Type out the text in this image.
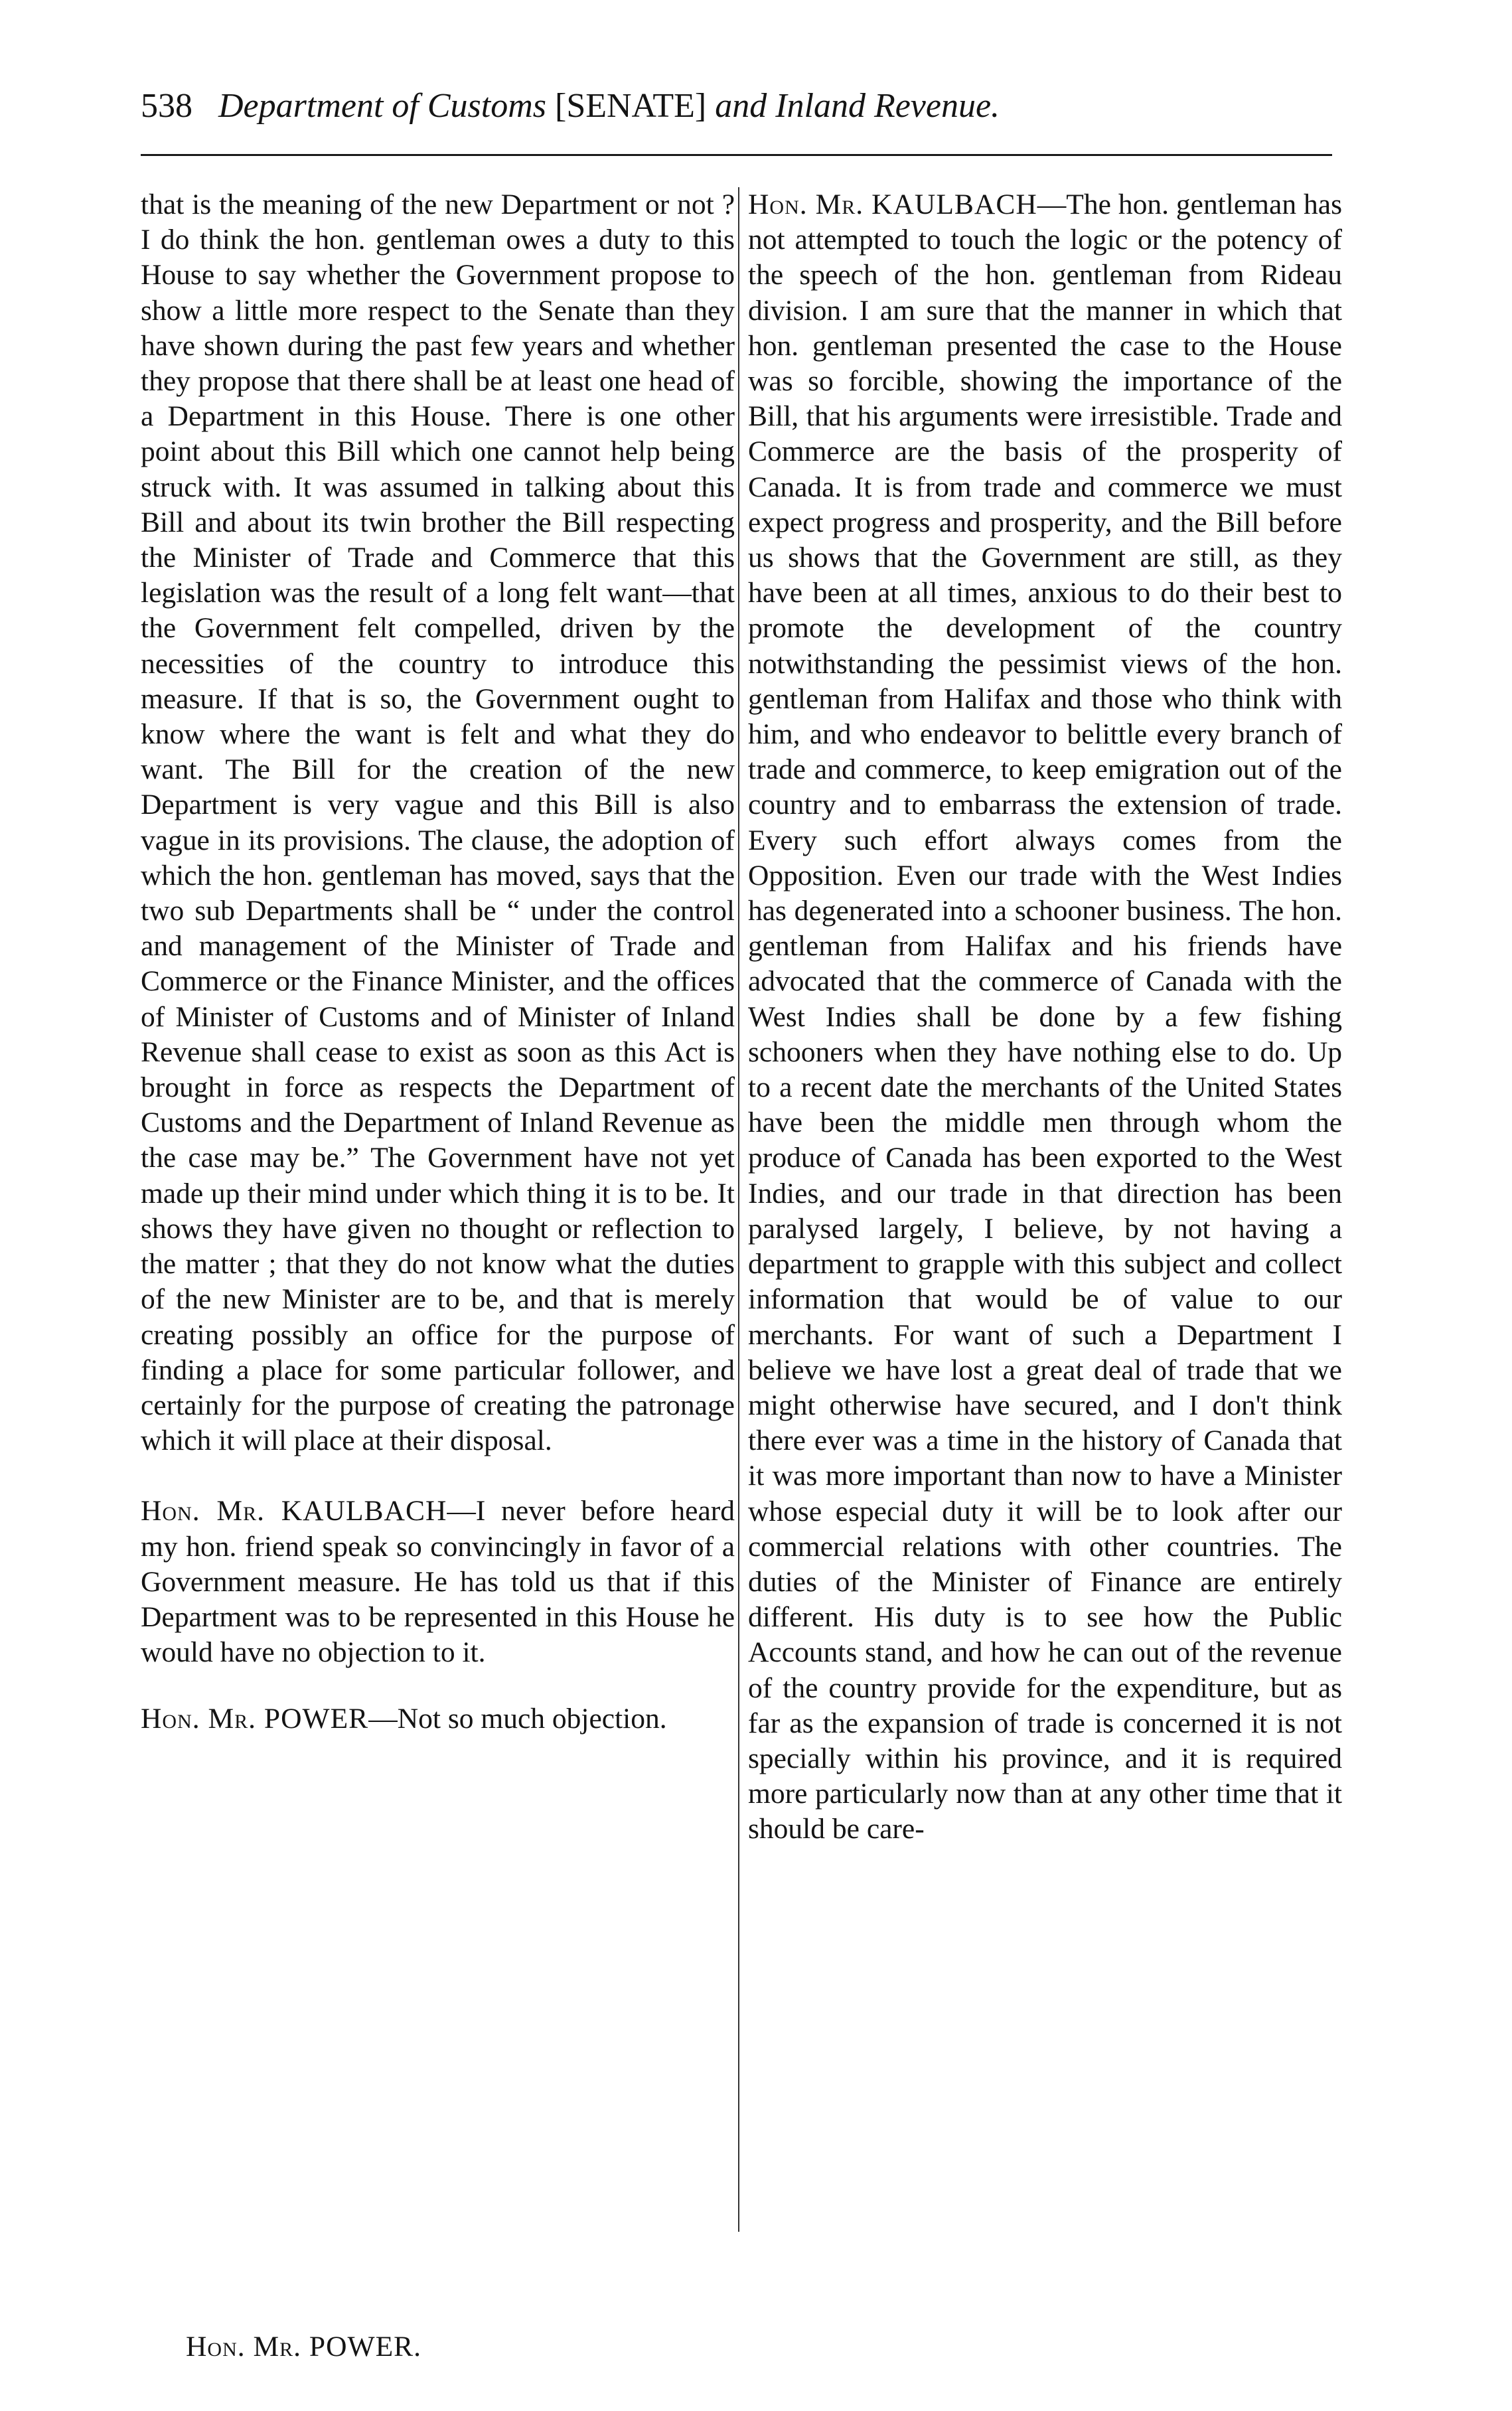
538 Department of Customs [SENATE] and Inland Revenue.

that is the meaning of the new Department or not ? I do think the hon. gentleman owes a duty to this House to say whether the Government propose to show a little more respect to the Senate than they have shown during the past few years and whether they propose that there shall be at least one head of a Department in this House. There is one other point about this Bill which one cannot help being struck with. It was assumed in talking about this Bill and about its twin brother the Bill respecting the Minister of Trade and Commerce that this legislation was the result of a long felt want—that the Government felt compelled, driven by the necessities of the country to introduce this measure. If that is so, the Government ought to know where the want is felt and what they do want. The Bill for the creation of the new Department is very vague and this Bill is also vague in its provisions. The clause, the adoption of which the hon. gentleman has moved, says that the two sub Departments shall be “ under the control and management of the Minister of Trade and Commerce or the Finance Minister, and the offices of Minister of Customs and of Minister of Inland Revenue shall cease to exist as soon as this Act is brought in force as respects the Department of Customs and the Department of Inland Revenue as the case may be.” The Government have not yet made up their mind under which thing it is to be. It shows they have given no thought or reflection to the matter ; that they do not know what the duties of the new Minister are to be, and that is merely creating possibly an office for the purpose of finding a place for some particular follower, and certainly for the purpose of creating the patronage which it will place at their disposal.

Hon. Mr. KAULBACH—I never before heard my hon. friend speak so convincingly in favor of a Government measure. He has told us that if this Department was to be represented in this House he would have no objection to it.

Hon. Mr. POWER—Not so much objection.

Hon. Mr. KAULBACH—The hon. gentleman has not attempted to touch the logic or the potency of the speech of the hon. gentleman from Rideau division. I am sure that the manner in which that hon. gentleman presented the case to the House was so forcible, showing the importance of the Bill, that his arguments were irresistible. Trade and Commerce are the basis of the prosperity of Canada. It is from trade and commerce we must expect progress and prosperity, and the Bill before us shows that the Government are still, as they have been at all times, anxious to do their best to promote the development of the country notwithstanding the pessimist views of the hon. gentleman from Halifax and those who think with him, and who endeavor to belittle every branch of trade and commerce, to keep emigration out of the country and to embarrass the extension of trade. Every such effort always comes from the Opposition. Even our trade with the West Indies has degenerated into a schooner business. The hon. gentleman from Halifax and his friends have advocated that the commerce of Canada with the West Indies shall be done by a few fishing schooners when they have nothing else to do. Up to a recent date the merchants of the United States have been the middle men through whom the produce of Canada has been exported to the West Indies, and our trade in that direction has been paralysed largely, I believe, by not having a department to grapple with this subject and collect information that would be of value to our merchants. For want of such a Department I believe we have lost a great deal of trade that we might otherwise have secured, and I don't think there ever was a time in the history of Canada that it was more important than now to have a Minister whose especial duty it will be to look after our commercial relations with other countries. The duties of the Minister of Finance are entirely different. His duty is to see how the Public Accounts stand, and how he can out of the revenue of the country provide for the expenditure, but as far as the expansion of trade is concerned it is not specially within his province, and it is required more particularly now than at any other time that it should be care-

Hon. Mr. POWER.
